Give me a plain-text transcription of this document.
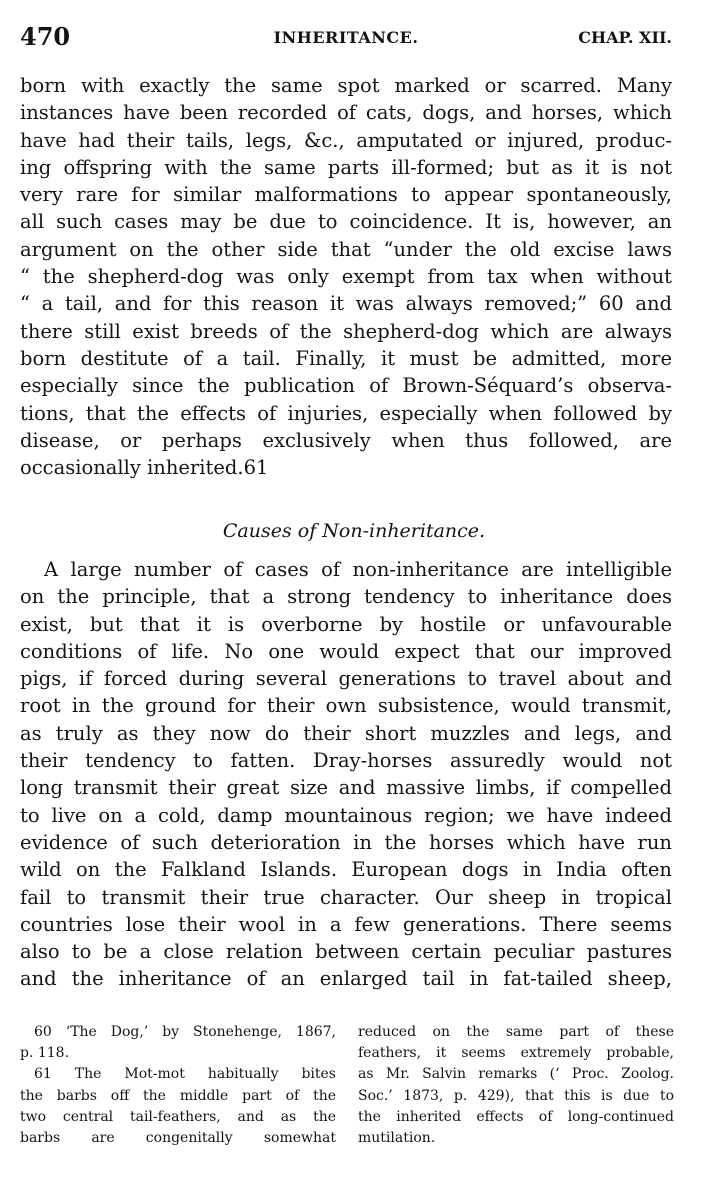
470	INHERITANCE.	CHAP. XII.
born with exactly the same spot marked or scarred. Many
instances have been recorded of cats, dogs, and horses, which
have had their tails, legs, &c., amputated or injured, produc-
ing offspring with the same parts ill-formed; but as it is not
very rare for similar malformations to appear spontaneously,
all such cases may be due to coincidence. It is, however, an
argument on the other side that “under the old excise laws
“ the shepherd-dog was only exempt from tax when without
“ a tail, and for this reason it was always removed;” 60 and
there still exist breeds of the shepherd-dog which are always
born destitute of a tail. Finally, it must be admitted, more
especially since the publication of Brown-Séquard’s observa-
tions, that the effects of injuries, especially when followed by
disease, or perhaps exclusively when thus followed, are
occasionally inherited.61
Causes of Non-inheritance.
A large number of cases of non-inheritance are intelligible
on the principle, that a strong tendency to inheritance does
exist, but that it is overborne by hostile or unfavourable
conditions of life. No one would expect that our improved
pigs, if forced during several generations to travel about and
root in the ground for their own subsistence, would transmit,
as truly as they now do their short muzzles and legs, and
their tendency to fatten. Dray-horses assuredly would not
long transmit their great size and massive limbs, if compelled
to live on a cold, damp mountainous region; we have indeed
evidence of such deterioration in the horses which have run
wild on the Falkland Islands. European dogs in India often
fail to transmit their true character. Our sheep in tropical
countries lose their wool in a few generations. There seems
also to be a close relation between certain peculiar pastures
and the inheritance of an enlarged tail in fat-tailed sheep,
60 ‘The Dog,’ by Stonehenge, 1867,
p. 118.
61 The Mot-mot habitually bites
the barbs off the middle part of the
two central tail-feathers, and as the
barbs are congenitally somewhat
reduced on the same part of these
feathers, it seems extremely probable,
as Mr. Salvin remarks (‘ Proc. Zoolog.
Soc.’ 1873, p. 429), that this is due to
the inherited effects of long-continued
mutilation.
